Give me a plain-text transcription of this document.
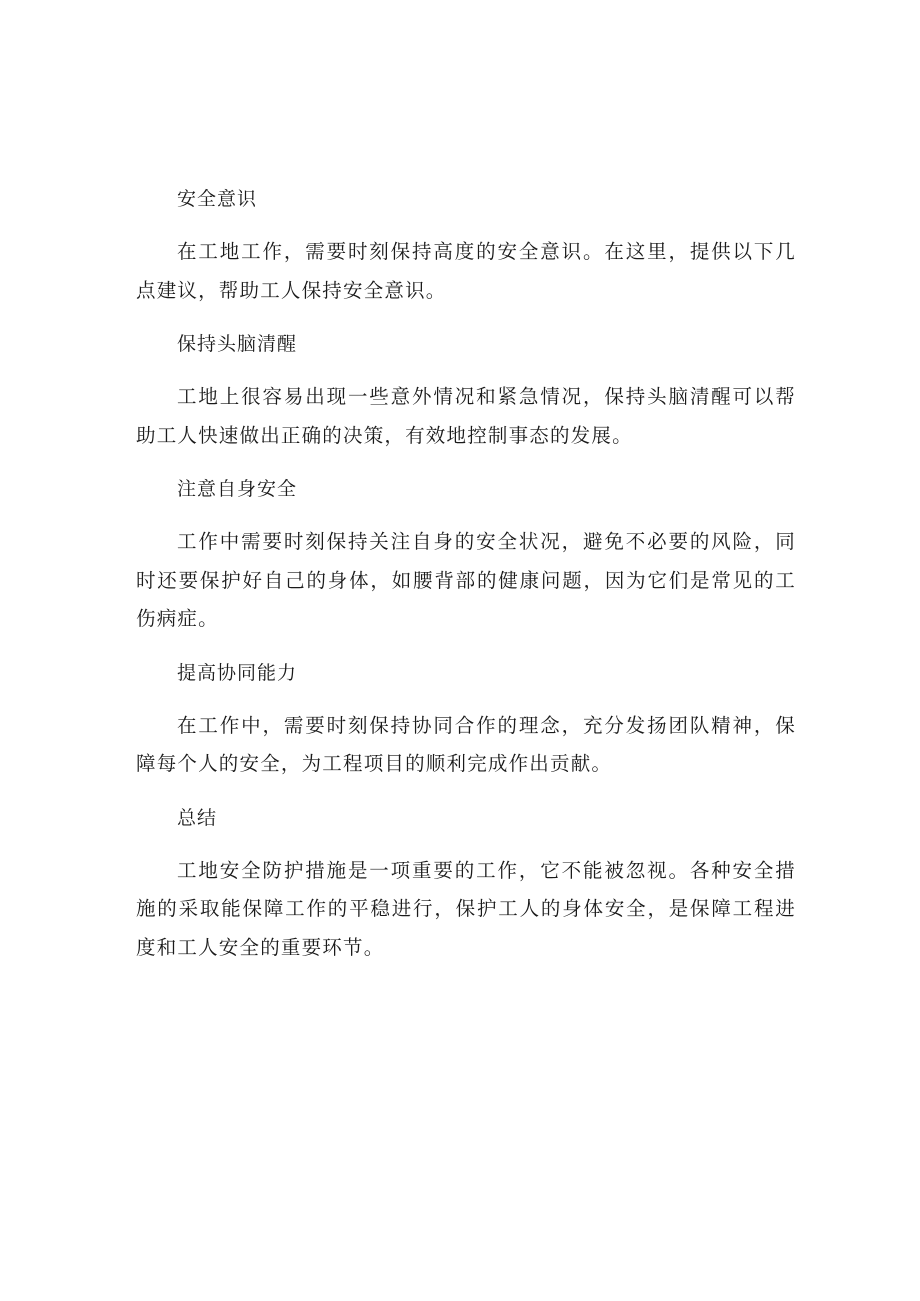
安全意识
在工地工作，需要时刻保持高度的安全意识。在这里，提供以下几点建议，帮助工人保持安全意识。
保持头脑清醒
工地上很容易出现一些意外情况和紧急情况，保持头脑清醒可以帮助工人快速做出正确的决策，有效地控制事态的发展。
注意自身安全
工作中需要时刻保持关注自身的安全状况，避免不必要的风险，同时还要保护好自己的身体，如腰背部的健康问题，因为它们是常见的工伤病症。
提高协同能力
在工作中，需要时刻保持协同合作的理念，充分发扬团队精神，保障每个人的安全，为工程项目的顺利完成作出贡献。
总结
工地安全防护措施是一项重要的工作，它不能被忽视。各种安全措施的采取能保障工作的平稳进行，保护工人的身体安全，是保障工程进度和工人安全的重要环节。
